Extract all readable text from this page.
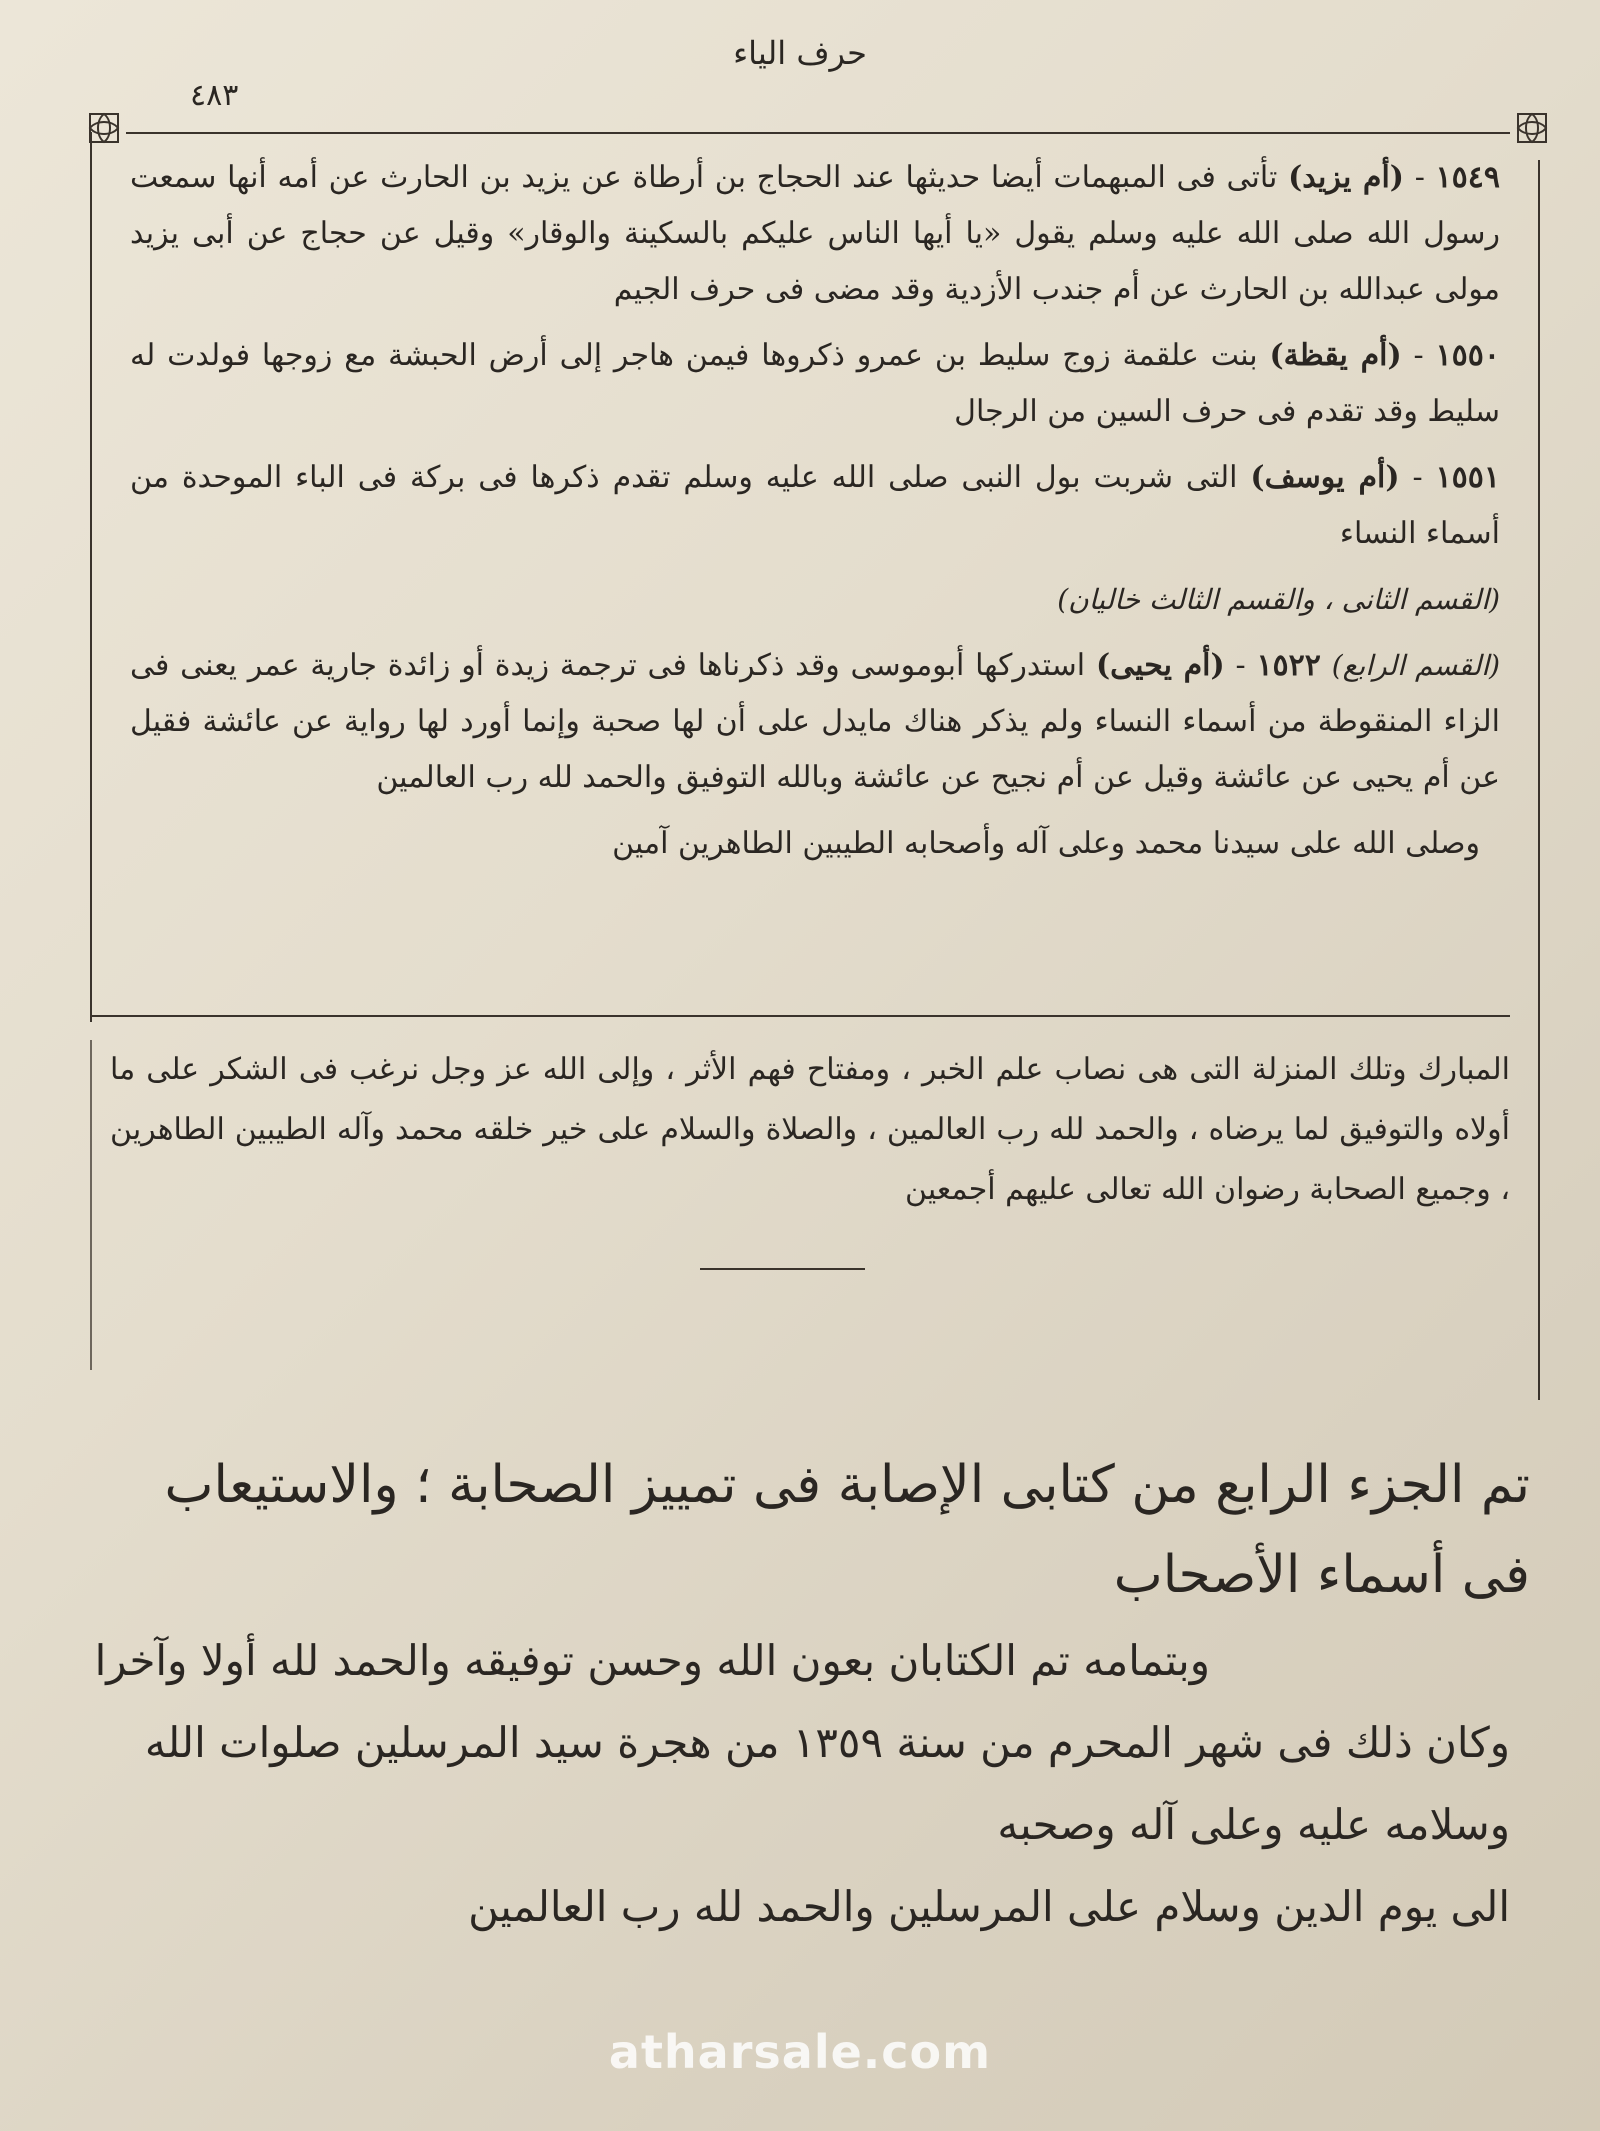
حرف الياء
٤٨٣

١٥٤٩ - (أم يزيد) تأتى فى المبهمات أيضا حديثها عند الحجاج بن أرطاة عن يزيد بن الحارث عن أمه أنها سمعت رسول الله صلى الله عليه وسلم يقول «يا أيها الناس عليكم بالسكينة والوقار» وقيل عن حجاج عن أبى يزيد مولى عبدالله بن الحارث عن أم جندب الأزدية وقد مضى فى حرف الجيم

١٥٥٠ - (أم يقظة) بنت علقمة زوج سليط بن عمرو ذكروها فيمن هاجر إلى أرض الحبشة مع زوجها فولدت له سليط وقد تقدم فى حرف السين من الرجال

١٥٥١ - (أم يوسف) التى شربت بول النبى صلى الله عليه وسلم تقدم ذكرها فى بركة فى الباء الموحدة من أسماء النساء

(القسم الثانى ، والقسم الثالث خاليان)

(القسم الرابع) ١٥٢٢ - (أم يحيى) استدركها أبوموسى وقد ذكرناها فى ترجمة زيدة أو زائدة جارية عمر يعنى فى الزاء المنقوطة من أسماء النساء ولم يذكر هناك مايدل على أن لها صحبة وإنما أورد لها رواية عن عائشة فقيل عن أم يحيى عن عائشة وقيل عن أم نجيح عن عائشة وبالله التوفيق والحمد لله رب العالمين

وصلى الله على سيدنا محمد وعلى آله وأصحابه الطيبين الطاهرين آمين

المبارك وتلك المنزلة التى هى نصاب علم الخبر ، ومفتاح فهم الأثر ، وإلى الله عز وجل نرغب فى الشكر على ما أولاه والتوفيق لما يرضاه ، والحمد لله رب العالمين ، والصلاة والسلام على خير خلقه محمد وآله الطيبين الطاهرين ، وجميع الصحابة رضوان الله تعالى عليهم أجمعين

تم الجزء الرابع من كتابى الإصابة فى تمييز الصحابة ؛ والاستيعاب فى أسماء الأصحاب

وبتمامه تم الكتابان بعون الله وحسن توفيقه والحمد لله أولا وآخرا

وكان ذلك فى شهر المحرم من سنة ١٣٥٩ من هجرة سيد المرسلين صلوات الله وسلامه عليه وعلى آله وصحبه

الى يوم الدين وسلام على المرسلين والحمد لله رب العالمين

atharsale.com
